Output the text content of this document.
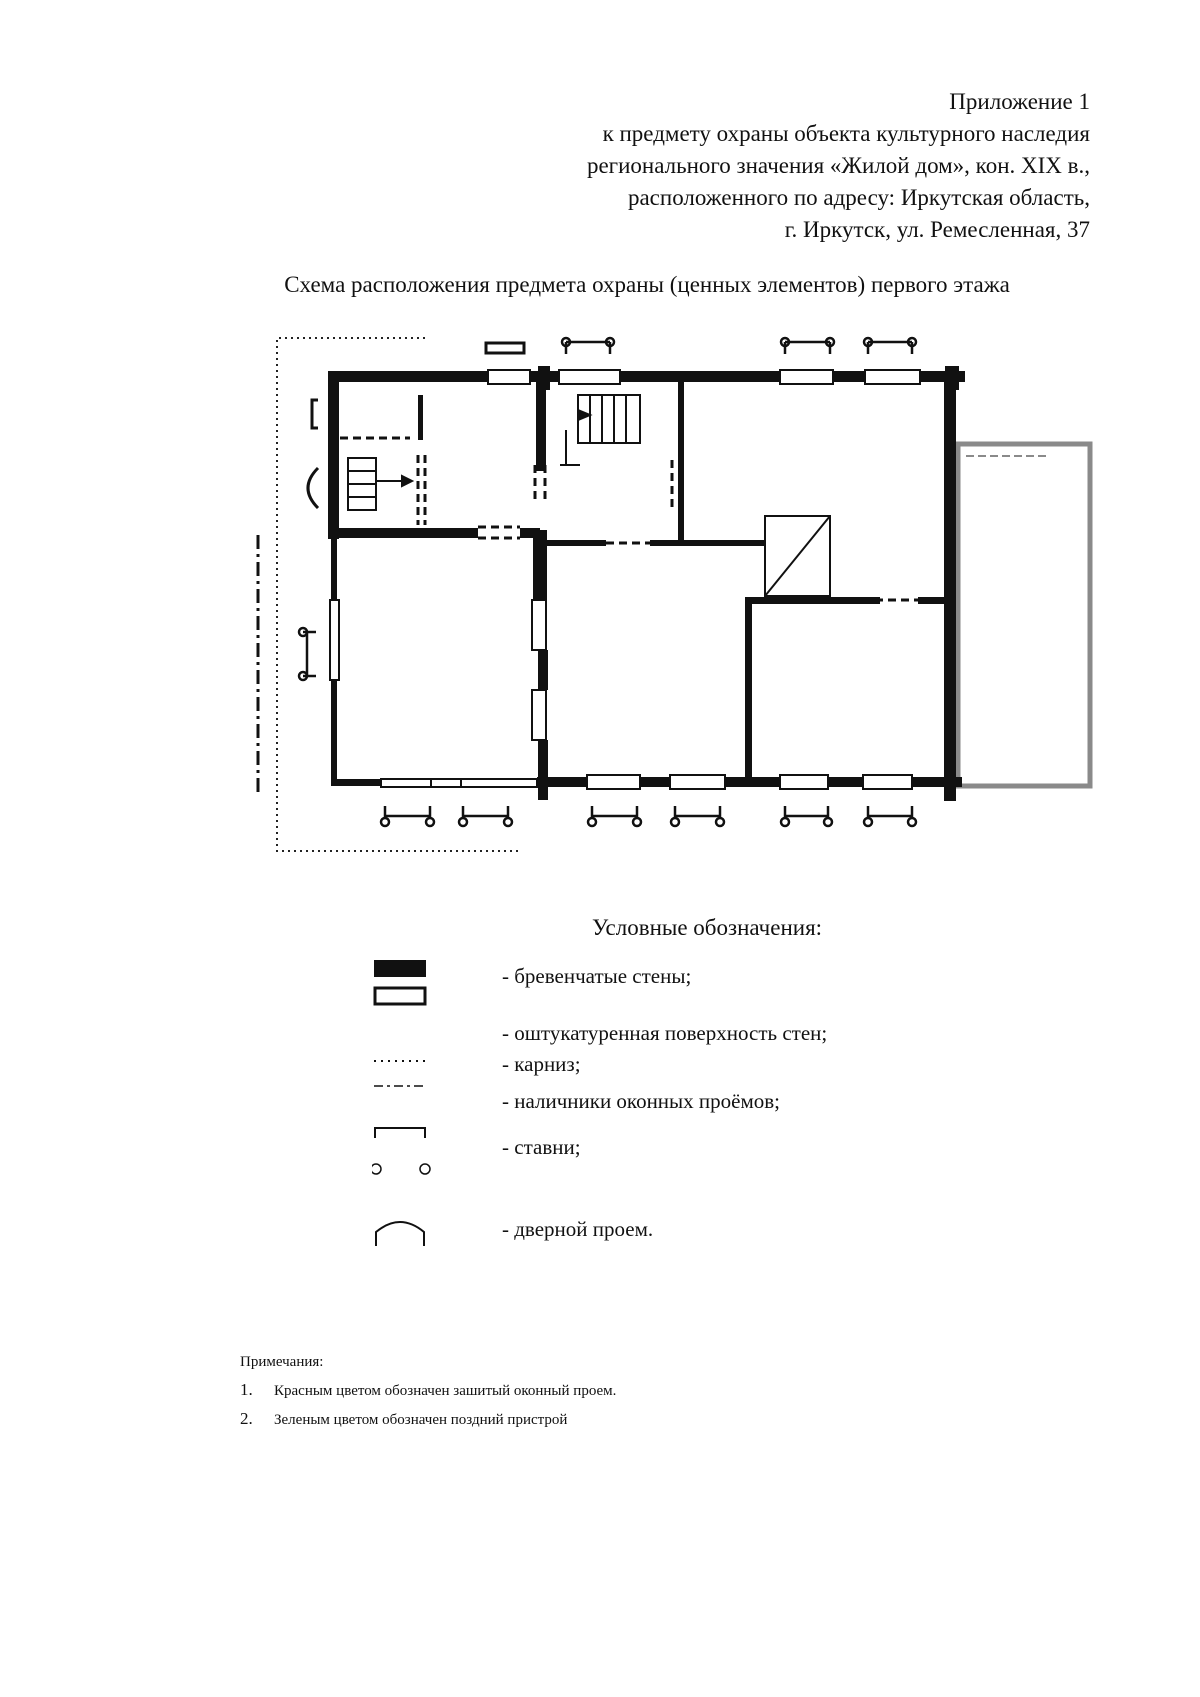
Приложение 1
к предмету охраны объекта культурного наследия
регионального значения «Жилой дом», кон. XIX в.,
расположенного по адресу: Иркутская область,
г. Иркутск, ул. Ремесленная, 37
Схема расположения предмета охраны (ценных элементов) первого этажа
Условные обозначения:
- бревенчатые стены;
- оштукатуренная поверхность стен;
- карниз;
- наличники оконных проёмов;
- ставни;
- дверной проем.
Примечания:
1.	Красным цветом обозначен зашитый оконный проем.
2.	Зеленым цветом обозначен поздний пристрой
